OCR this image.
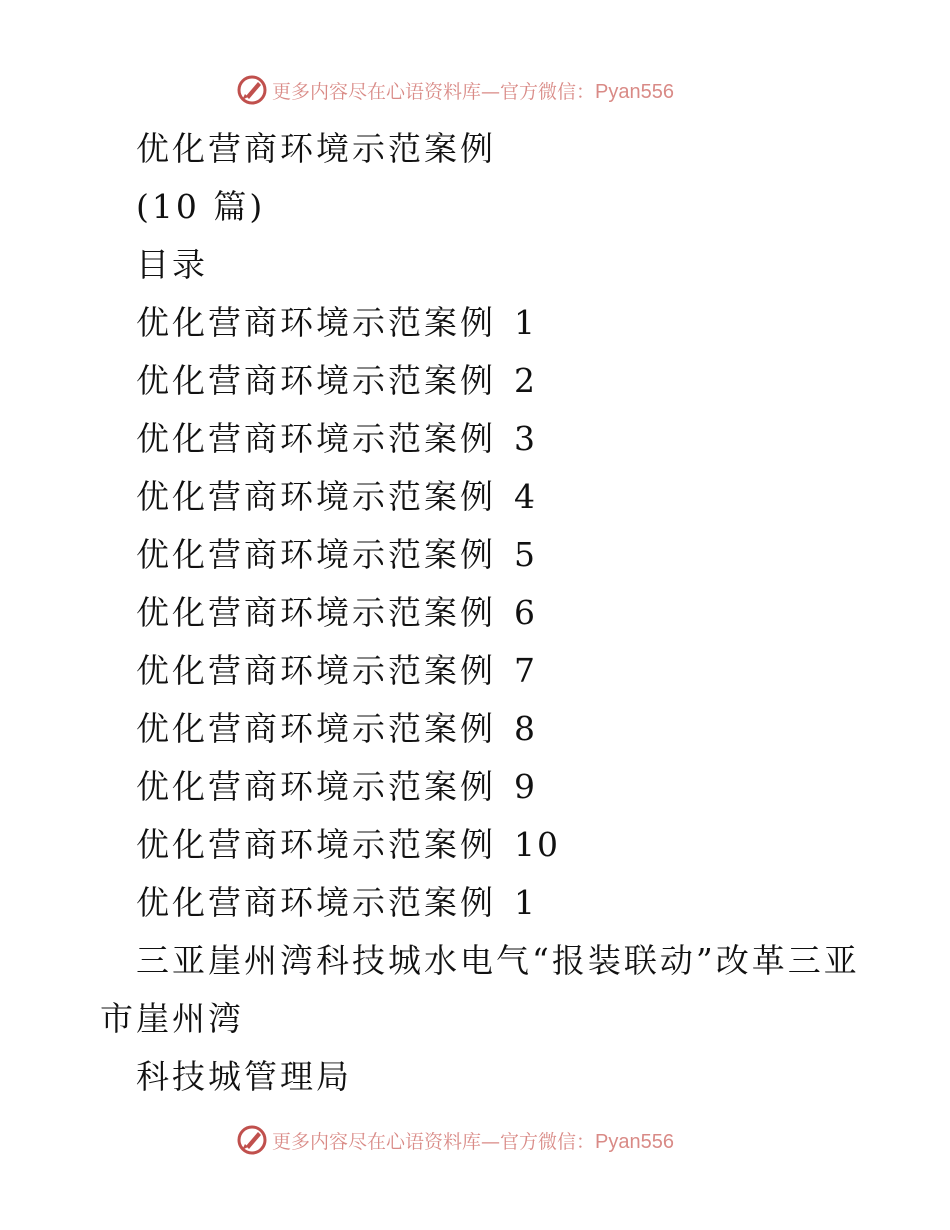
更多内容尽在心语资料库—官方微信：Pyan556
优化营商环境示范案例
(10 篇)
目录
优化营商环境示范案例 1
优化营商环境示范案例 2
优化营商环境示范案例 3
优化营商环境示范案例 4
优化营商环境示范案例 5
优化营商环境示范案例 6
优化营商环境示范案例 7
优化营商环境示范案例 8
优化营商环境示范案例 9
优化营商环境示范案例 10
优化营商环境示范案例 1
三亚崖州湾科技城水电气“报装联动”改革三亚
市崖州湾
科技城管理局
更多内容尽在心语资料库—官方微信：Pyan556
